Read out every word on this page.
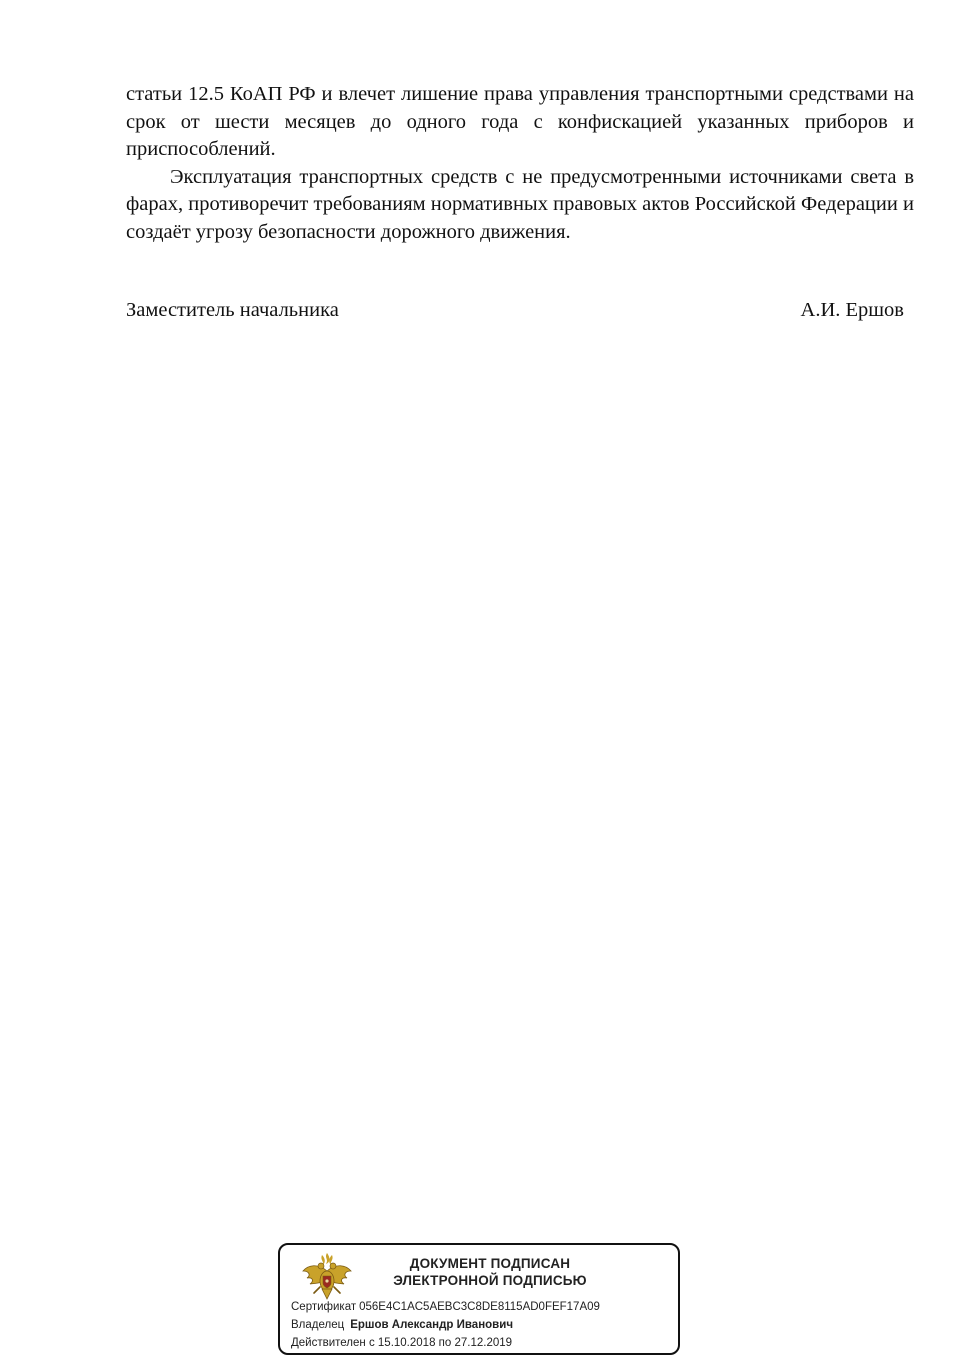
статьи 12.5 КоАП РФ и влечет лишение права управления транспортными средствами на срок от шести месяцев до одного года с конфискацией указанных приборов и приспособлений.

Эксплуатация транспортных средств с не предусмотренными источниками света в фарах, противоречит требованиям нормативных правовых актов Российской Федерации и создаёт угрозу безопасности дорожного движения.

Заместитель начальника	А.И. Ершов
ДОКУМЕНТ ПОДПИСАН
ЭЛЕКТРОННОЙ ПОДПИСЬЮ
Сертификат 056E4C1AC5AEBC3C8DE8115AD0FEF17A09
Владелец Ершов Александр Иванович
Действителен с 15.10.2018 по 27.12.2019
